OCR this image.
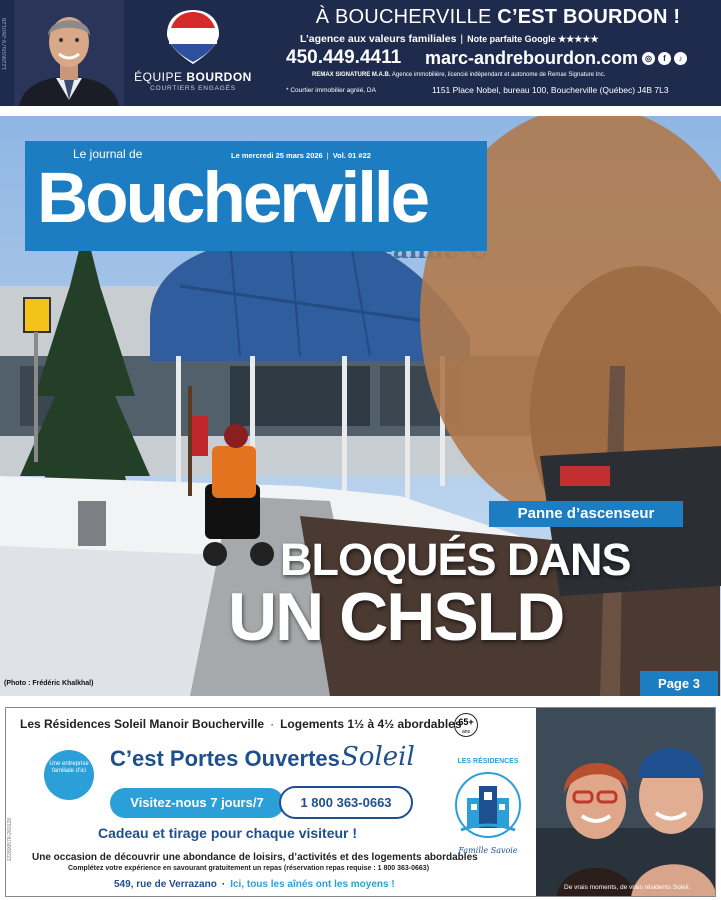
122800579-260128
ÉQUIPE BOURDON
COURTIERS ENGAGÉS
À BOUCHERVILLE C’EST BOURDON !
L’agence aux valeurs familiales | Note parfaite Google ★★★★★
450.449.4411 marc-andrebourdon.com ◎	f	♪
REMAX SIGNATURE M.A.B. Agence immobilière, licencié indépendant et autonome de Remax Signature Inc.
* Courtier immobilier agréé, DA	1151 Place Nobel, bureau 100, Boucherville (Québec) J4B 7L3
Le journal de	Le mercredi 25 mars 2026 | Vol. 01 #22
Boucherville
Panne d’ascenseur
BLOQUÉS DANS
UN CHSLD
(Photo : Frédéric Khalkhal)	Page 3
122800578-260128
Les Résidences Soleil Manoir Boucherville · Logements 1½ à 4½ abordables
65+
ans
Une entreprise familiale d’ici	C’est Portes Ouvertes Soleil
Visitez-nous 7 jours/7	1 800 363-0663
Cadeau et tirage pour chaque visiteur !
Une occasion de découvrir une abondance de loisirs, d’activités et des logements abordables
Complétez votre expérience en savourant gratuitement un repas (réservation repas requise : 1 800 363-0663)
549, rue de Verrazano · Ici, tous les aînés ont les moyens !
LES RÉSIDENCES
Famille Savoie
De vrais moments, de vrais résidents Soleil.
